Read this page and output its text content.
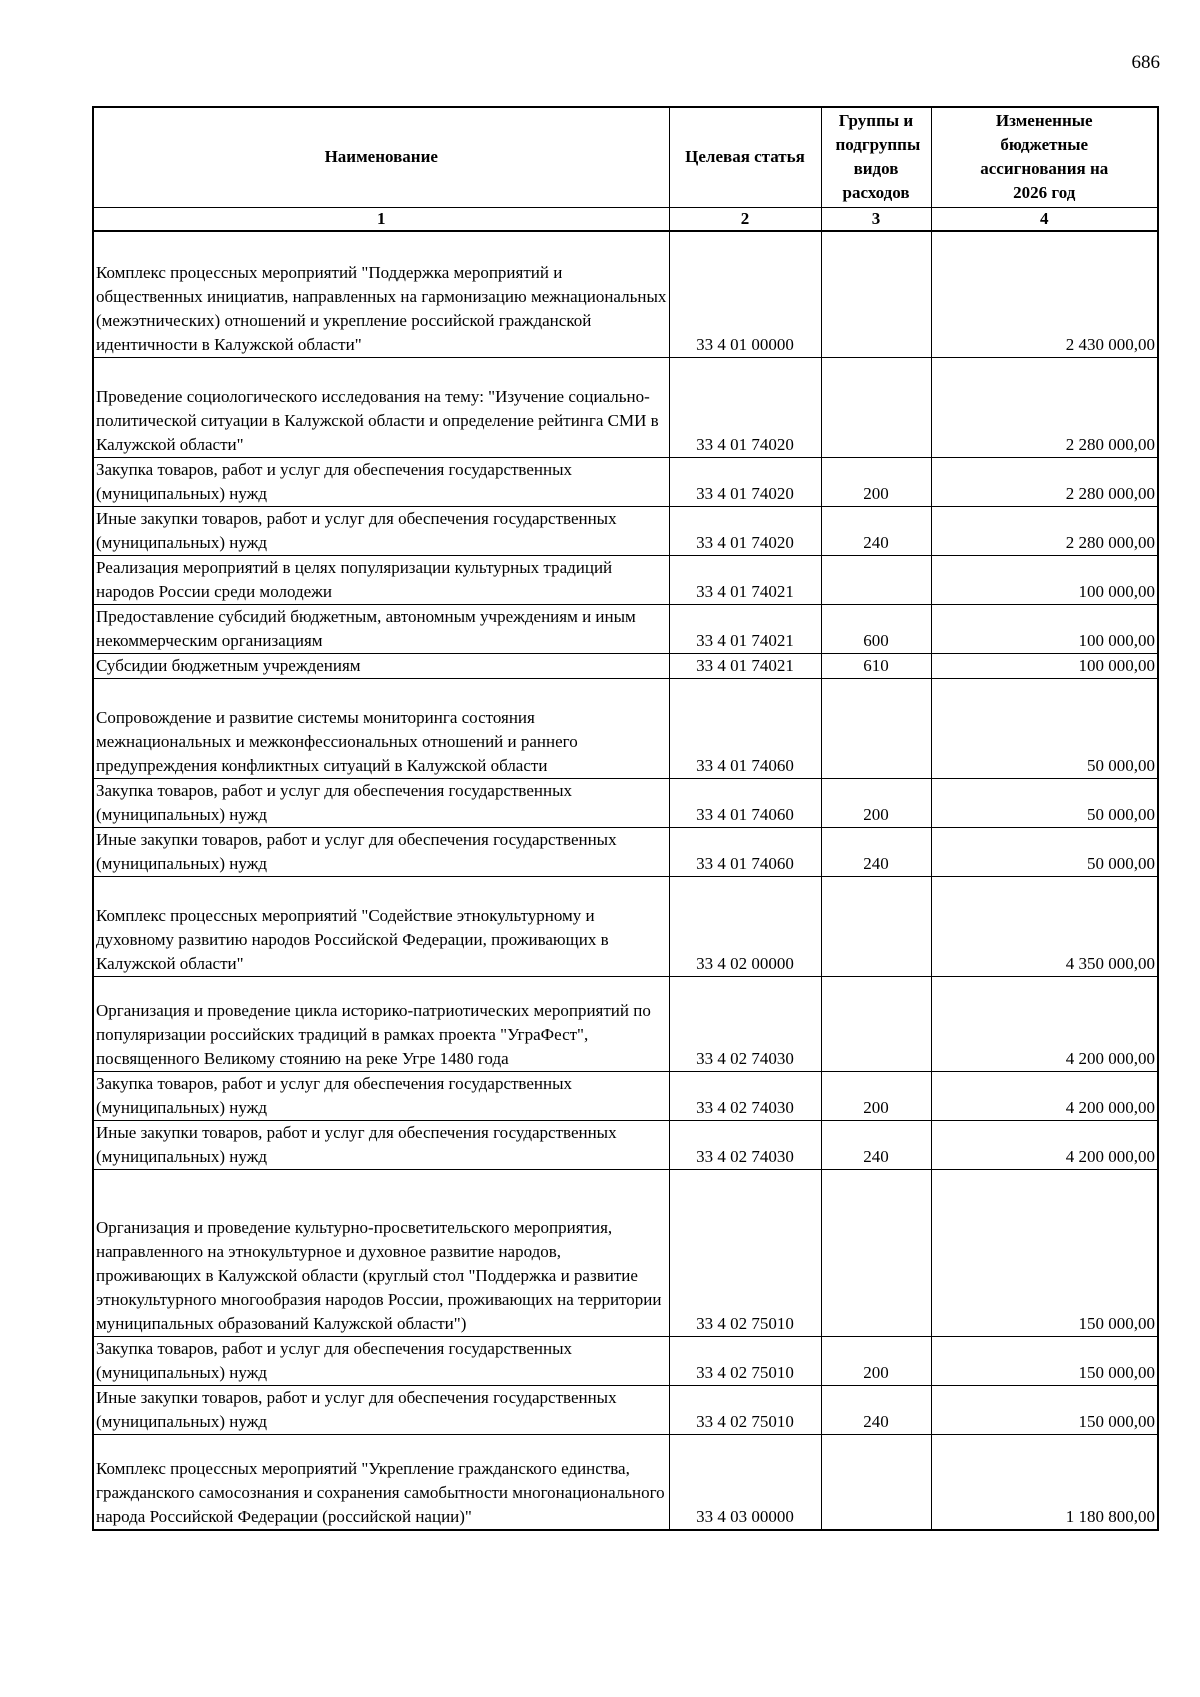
686
Наименование	Целевая статья	Группы и подгруппы видов расходов	Измененные бюджетные ассигнования на 2026 год
1	2	3	4
Комплекс процессных мероприятий "Поддержка мероприятий и общественных инициатив, направленных на гармонизацию межнациональных (межэтнических) отношений и укрепление российской гражданской идентичности в Калужской области"	33 4 01 00000		2 430 000,00
Проведение социологического исследования на тему: "Изучение социально-политической ситуации в Калужской области и определение рейтинга СМИ в Калужской области"	33 4 01 74020		2 280 000,00
Закупка товаров, работ и услуг для обеспечения государственных (муниципальных) нужд	33 4 01 74020	200	2 280 000,00
Иные закупки товаров, работ и услуг для обеспечения государственных (муниципальных) нужд	33 4 01 74020	240	2 280 000,00
Реализация мероприятий в целях популяризации культурных традиций народов России среди молодежи	33 4 01 74021		100 000,00
Предоставление субсидий бюджетным, автономным учреждениям и иным некоммерческим организациям	33 4 01 74021	600	100 000,00
Субсидии бюджетным учреждениям	33 4 01 74021	610	100 000,00
Сопровождение и развитие системы мониторинга состояния межнациональных и межконфессиональных отношений и раннего предупреждения конфликтных ситуаций в Калужской области	33 4 01 74060		50 000,00
Закупка товаров, работ и услуг для обеспечения государственных (муниципальных) нужд	33 4 01 74060	200	50 000,00
Иные закупки товаров, работ и услуг для обеспечения государственных (муниципальных) нужд	33 4 01 74060	240	50 000,00
Комплекс процессных мероприятий "Содействие этнокультурному и духовному развитию народов Российской Федерации, проживающих в Калужской области"	33 4 02 00000		4 350 000,00
Организация и проведение цикла историко-патриотических мероприятий по популяризации российских традиций в рамках проекта "УграФест", посвященного Великому стоянию на реке Угре 1480 года	33 4 02 74030		4 200 000,00
Закупка товаров, работ и услуг для обеспечения государственных (муниципальных) нужд	33 4 02 74030	200	4 200 000,00
Иные закупки товаров, работ и услуг для обеспечения государственных (муниципальных) нужд	33 4 02 74030	240	4 200 000,00
Организация и проведение культурно-просветительского мероприятия, направленного на этнокультурное и духовное развитие народов, проживающих в Калужской области (круглый стол "Поддержка и развитие этнокультурного многообразия народов России, проживающих на территории муниципальных образований Калужской области")	33 4 02 75010		150 000,00
Закупка товаров, работ и услуг для обеспечения государственных (муниципальных) нужд	33 4 02 75010	200	150 000,00
Иные закупки товаров, работ и услуг для обеспечения государственных (муниципальных) нужд	33 4 02 75010	240	150 000,00
Комплекс процессных мероприятий "Укрепление гражданского единства, гражданского самосознания и сохранения самобытности многонационального народа Российской Федерации (российской нации)"	33 4 03 00000		1 180 800,00
